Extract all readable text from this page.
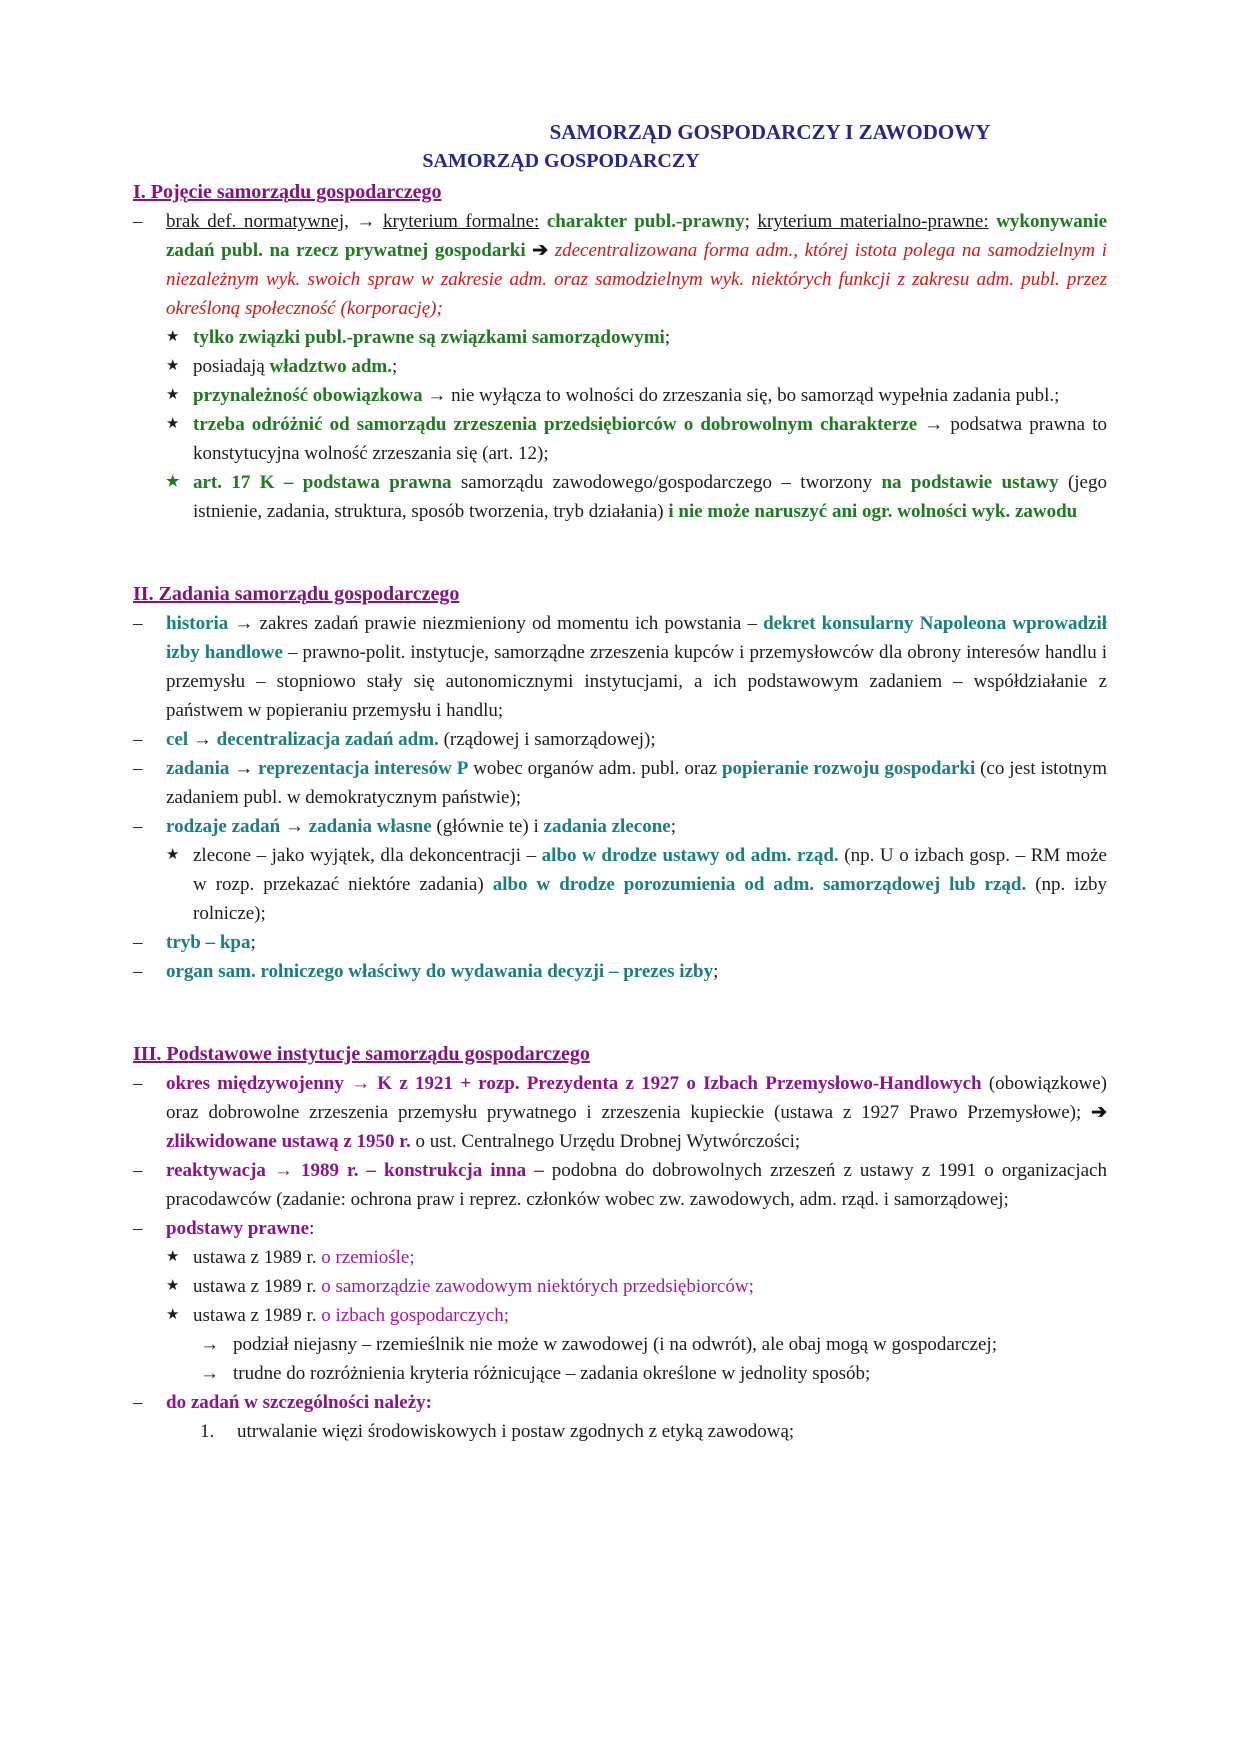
SAMORZĄD GOSPODARCZY I ZAWODOWY
SAMORZĄD GOSPODARCZY
I. Pojęcie samorządu gospodarczego
– brak def. normatywnej, → kryterium formalne: charakter publ.-prawny; kryterium materialno-prawne: wykonywanie zadań publ. na rzecz prywatnej gospodarki ➔ zdecentralizowana forma adm., której istota polega na samodzielnym i niezależnym wyk. swoich spraw w zakresie adm. oraz samodzielnym wyk. niektórych funkcji z zakresu adm. publ. przez określoną społeczność (korporację);
★ tylko związki publ.-prawne są związkami samorządowymi;
★ posiadają władztwo adm.;
★ przynależność obowiązkowa → nie wyłącza to wolności do zrzeszania się, bo samorząd wypełnia zadania publ.;
★ trzeba odróżnić od samorządu zrzeszenia przedsiębiorców o dobrowolnym charakterze → podsatwa prawna to konstytucyjna wolność zrzeszania się (art. 12);
★ art. 17 K – podstawa prawna samorządu zawodowego/gospodarczego – tworzony na podstawie ustawy (jego istnienie, zadania, struktura, sposób tworzenia, tryb działania) i nie może naruszyć ani ogr. wolności wyk. zawodu
II. Zadania samorządu gospodarczego
– historia → zakres zadań prawie niezmieniony od momentu ich powstania – dekret konsularny Napoleona wprowadził izby handlowe – prawno-polit. instytucje, samorządne zrzeszenia kupców i przemysłowców dla obrony interesów handlu i przemysłu – stopniowo stały się autonomicznymi instytucjami, a ich podstawowym zadaniem – współdziałanie z państwem w popieraniu przemysłu i handlu;
– cel → decentralizacja zadań adm. (rządowej i samorządowej);
– zadania → reprezentacja interesów P wobec organów adm. publ. oraz popieranie rozwoju gospodarki (co jest istotnym zadaniem publ. w demokratycznym państwie);
– rodzaje zadań → zadania własne (głównie te) i zadania zlecone;
★ zlecone – jako wyjątek, dla dekoncentracji – albo w drodze ustawy od adm. rząd. (np. U o izbach gosp. – RM może w rozp. przekazać niektóre zadania) albo w drodze porozumienia od adm. samorządowej lub rząd. (np. izby rolnicze);
– tryb – kpa;
– organ sam. rolniczego właściwy do wydawania decyzji – prezes izby;
III. Podstawowe instytucje samorządu gospodarczego
– okres międzywojenny → K z 1921 + rozp. Prezydenta z 1927 o Izbach Przemysłowo-Handlowych (obowiązkowe) oraz dobrowolne zrzeszenia przemysłu prywatnego i zrzeszenia kupieckie (ustawa z 1927 Prawo Przemysłowe); ➔ zlikwidowane ustawą z 1950 r. o ust. Centralnego Urzędu Drobnej Wytwórczości;
– reaktywacja → 1989 r. – konstrukcja inna – podobna do dobrowolnych zrzeszeń z ustawy z 1991 o organizacjach pracodawców (zadanie: ochrona praw i reprez. członków wobec zw. zawodowych, adm. rząd. i samorządowej;
– podstawy prawne:
★ ustawa z 1989 r. o rzemiośle;
★ ustawa z 1989 r. o samorządzie zawodowym niektórych przedsiębiorców;
★ ustawa z 1989 r. o izbach gospodarczych;
→ podział niejasny – rzemieślnik nie może w zawodowej (i na odwrót), ale obaj mogą w gospodarczej;
→ trudne do rozróżnienia kryteria różnicujące – zadania określone w jednolity sposób;
– do zadań w szczególności należy:
1. utrwalanie więzi środowiskowych i postaw zgodnych z etyką zawodową;
